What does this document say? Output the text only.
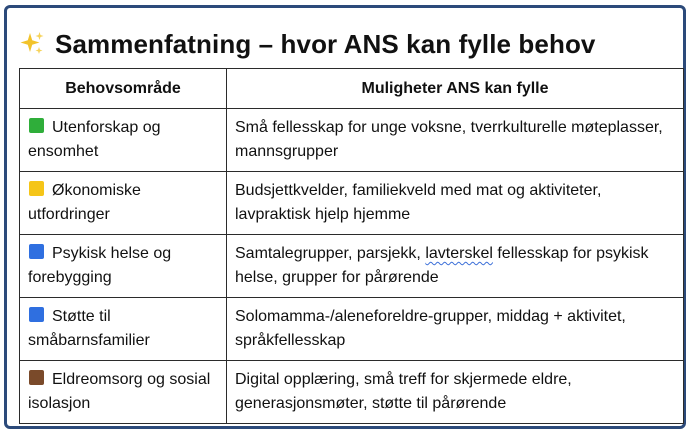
Sammenfatning – hvor ANS kan fylle behov
Behovsområde	Muligheter ANS kan fylle
Utenforskap og ensomhet	Små fellesskap for unge voksne, tverrkulturelle møteplasser, mannsgrupper
Økonomiske utfordringer	Budsjettkvelder, familiekveld med mat og aktiviteter, lavpraktisk hjelp hjemme
Psykisk helse og forebygging	Samtalegrupper, parsjekk, lavterskel fellesskap for psykisk helse, grupper for pårørende
Støtte til småbarnsfamilier	Solomamma-/aleneforeldre-grupper, middag + aktivitet, språkfellesskap
Eldreomsorg og sosial isolasjon	Digital opplæring, små treff for skjermede eldre, generasjonsmøter, støtte til pårørende
